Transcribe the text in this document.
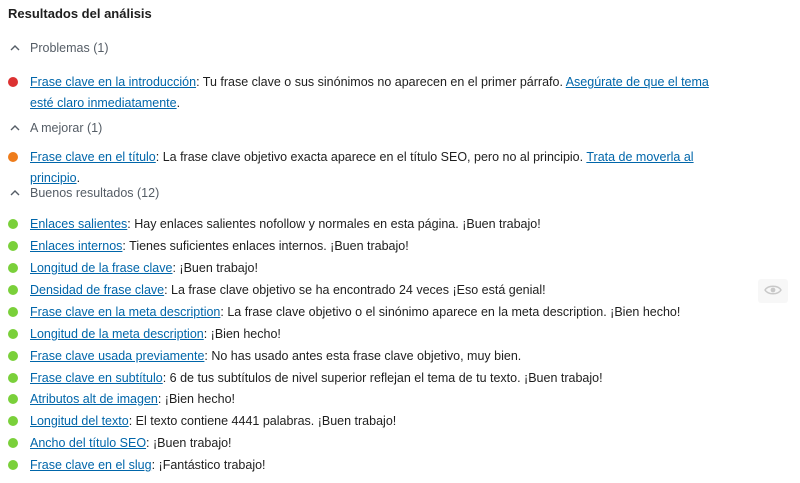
Resultados del análisis
Problemas (1)
Frase clave en la introducción: Tu frase clave o sus sinónimos no aparecen en el primer párrafo. Asegúrate de que el tema esté claro inmediatamente.
A mejorar (1)
Frase clave en el título: La frase clave objetivo exacta aparece en el título SEO, pero no al principio. Trata de moverla al principio.
Buenos resultados (12)
Enlaces salientes: Hay enlaces salientes nofollow y normales en esta página. ¡Buen trabajo!
Enlaces internos: Tienes suficientes enlaces internos. ¡Buen trabajo!
Longitud de la frase clave: ¡Buen trabajo!
Densidad de frase clave: La frase clave objetivo se ha encontrado 24 veces ¡Eso está genial!
Frase clave en la meta description: La frase clave objetivo o el sinónimo aparece en la meta description. ¡Bien hecho!
Longitud de la meta description: ¡Bien hecho!
Frase clave usada previamente: No has usado antes esta frase clave objetivo, muy bien.
Frase clave en subtítulo: 6 de tus subtítulos de nivel superior reflejan el tema de tu texto. ¡Buen trabajo!
Atributos alt de imagen: ¡Bien hecho!
Longitud del texto: El texto contiene 4441 palabras. ¡Buen trabajo!
Ancho del título SEO: ¡Buen trabajo!
Frase clave en el slug: ¡Fantástico trabajo!
